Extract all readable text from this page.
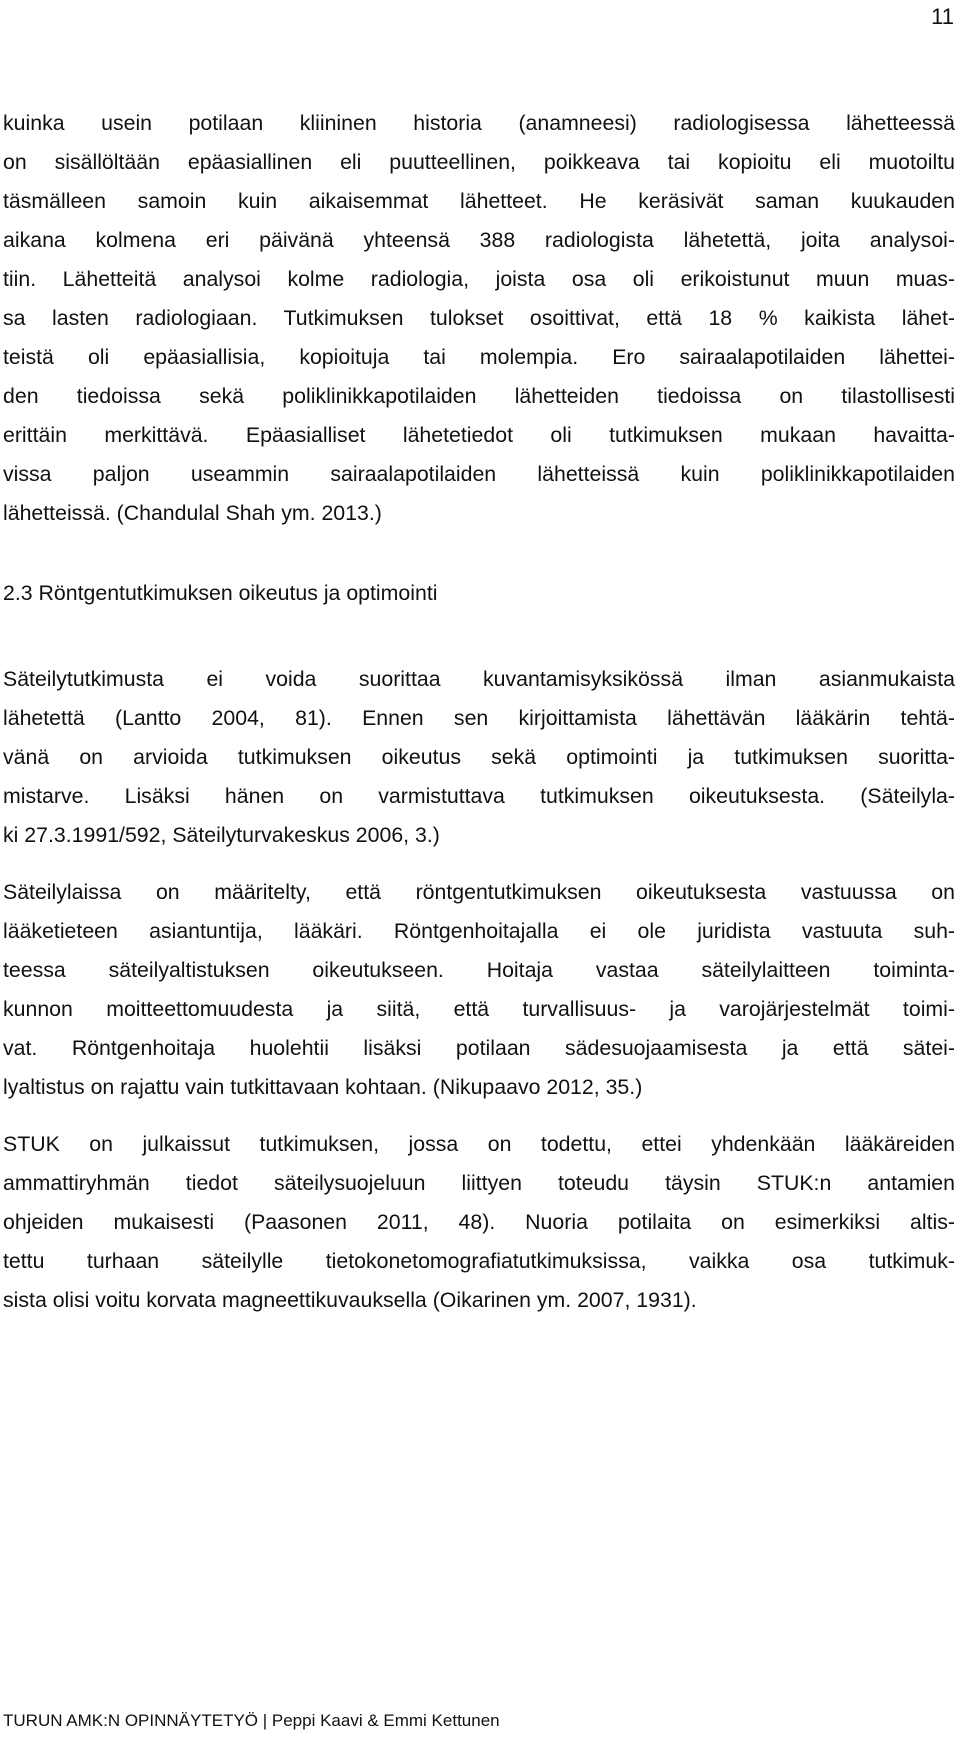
11

kuinka usein potilaan kliininen historia (anamneesi) radiologisessa lähetteessä
on sisällöltään epäasiallinen eli puutteellinen, poikkeava tai kopioitu eli muotoiltu
täsmälleen samoin kuin aikaisemmat lähetteet. He keräsivät saman kuukauden
aikana kolmena eri päivänä yhteensä 388 radiologista lähetettä, joita analysoi-
tiin. Lähetteitä analysoi kolme radiologia, joista osa oli erikoistunut muun muas-
sa lasten radiologiaan. Tutkimuksen tulokset osoittivat, että 18 % kaikista lähet-
teistä oli epäasiallisia, kopioituja tai molempia. Ero sairaalapotilaiden lähettei-
den tiedoissa sekä poliklinikkapotilaiden lähetteiden tiedoissa on tilastollisesti
erittäin merkittävä. Epäasialliset lähetetiedot oli tutkimuksen mukaan havaitta-
vissa paljon useammin sairaalapotilaiden lähetteissä kuin poliklinikkapotilaiden
lähetteissä. (Chandulal Shah ym. 2013.)

2.3 Röntgentutkimuksen oikeutus ja optimointi

Säteilytutkimusta ei voida suorittaa kuvantamisyksikössä ilman asianmukaista
lähetettä (Lantto 2004, 81). Ennen sen kirjoittamista lähettävän lääkärin tehtä-
vänä on arvioida tutkimuksen oikeutus sekä optimointi ja tutkimuksen suoritta-
mistarve. Lisäksi hänen on varmistuttava tutkimuksen oikeutuksesta. (Säteilyla-
ki 27.3.1991/592, Säteilyturvakeskus 2006, 3.)

Säteilylaissa on määritelty, että röntgentutkimuksen oikeutuksesta vastuussa on
lääketieteen asiantuntija, lääkäri. Röntgenhoitajalla ei ole juridista vastuuta suh-
teessa säteilyaltistuksen oikeutukseen. Hoitaja vastaa säteilylaitteen toimintа-
kunnon moitteettomuudesta ja siitä, että turvallisuus- ja varojärjestelmät toimi-
vat. Röntgenhoitaja huolehtii lisäksi potilaan sädesuojaamisesta ja että sätei-
lyaltistus on rajattu vain tutkittavaan kohtaan. (Nikupaavo 2012, 35.)

STUK on julkaissut tutkimuksen, jossa on todettu, ettei yhdenkään lääkäreiden
ammattiryhmän tiedot säteilysuojeluun liittyen toteudu täysin STUK:n antamien
ohjeiden mukaisesti (Paasonen 2011, 48). Nuoria potilaita on esimerkiksi altis-
tettu turhaan säteilylle tietokonetomografiatutkimuksissa, vaikka osa tutkimuk-
sista olisi voitu korvata magneettikuvauksella (Oikarinen ym. 2007, 1931).

TURUN AMK:N OPINNÄYTETYÖ | Peppi Kaavi & Emmi Kettunen
